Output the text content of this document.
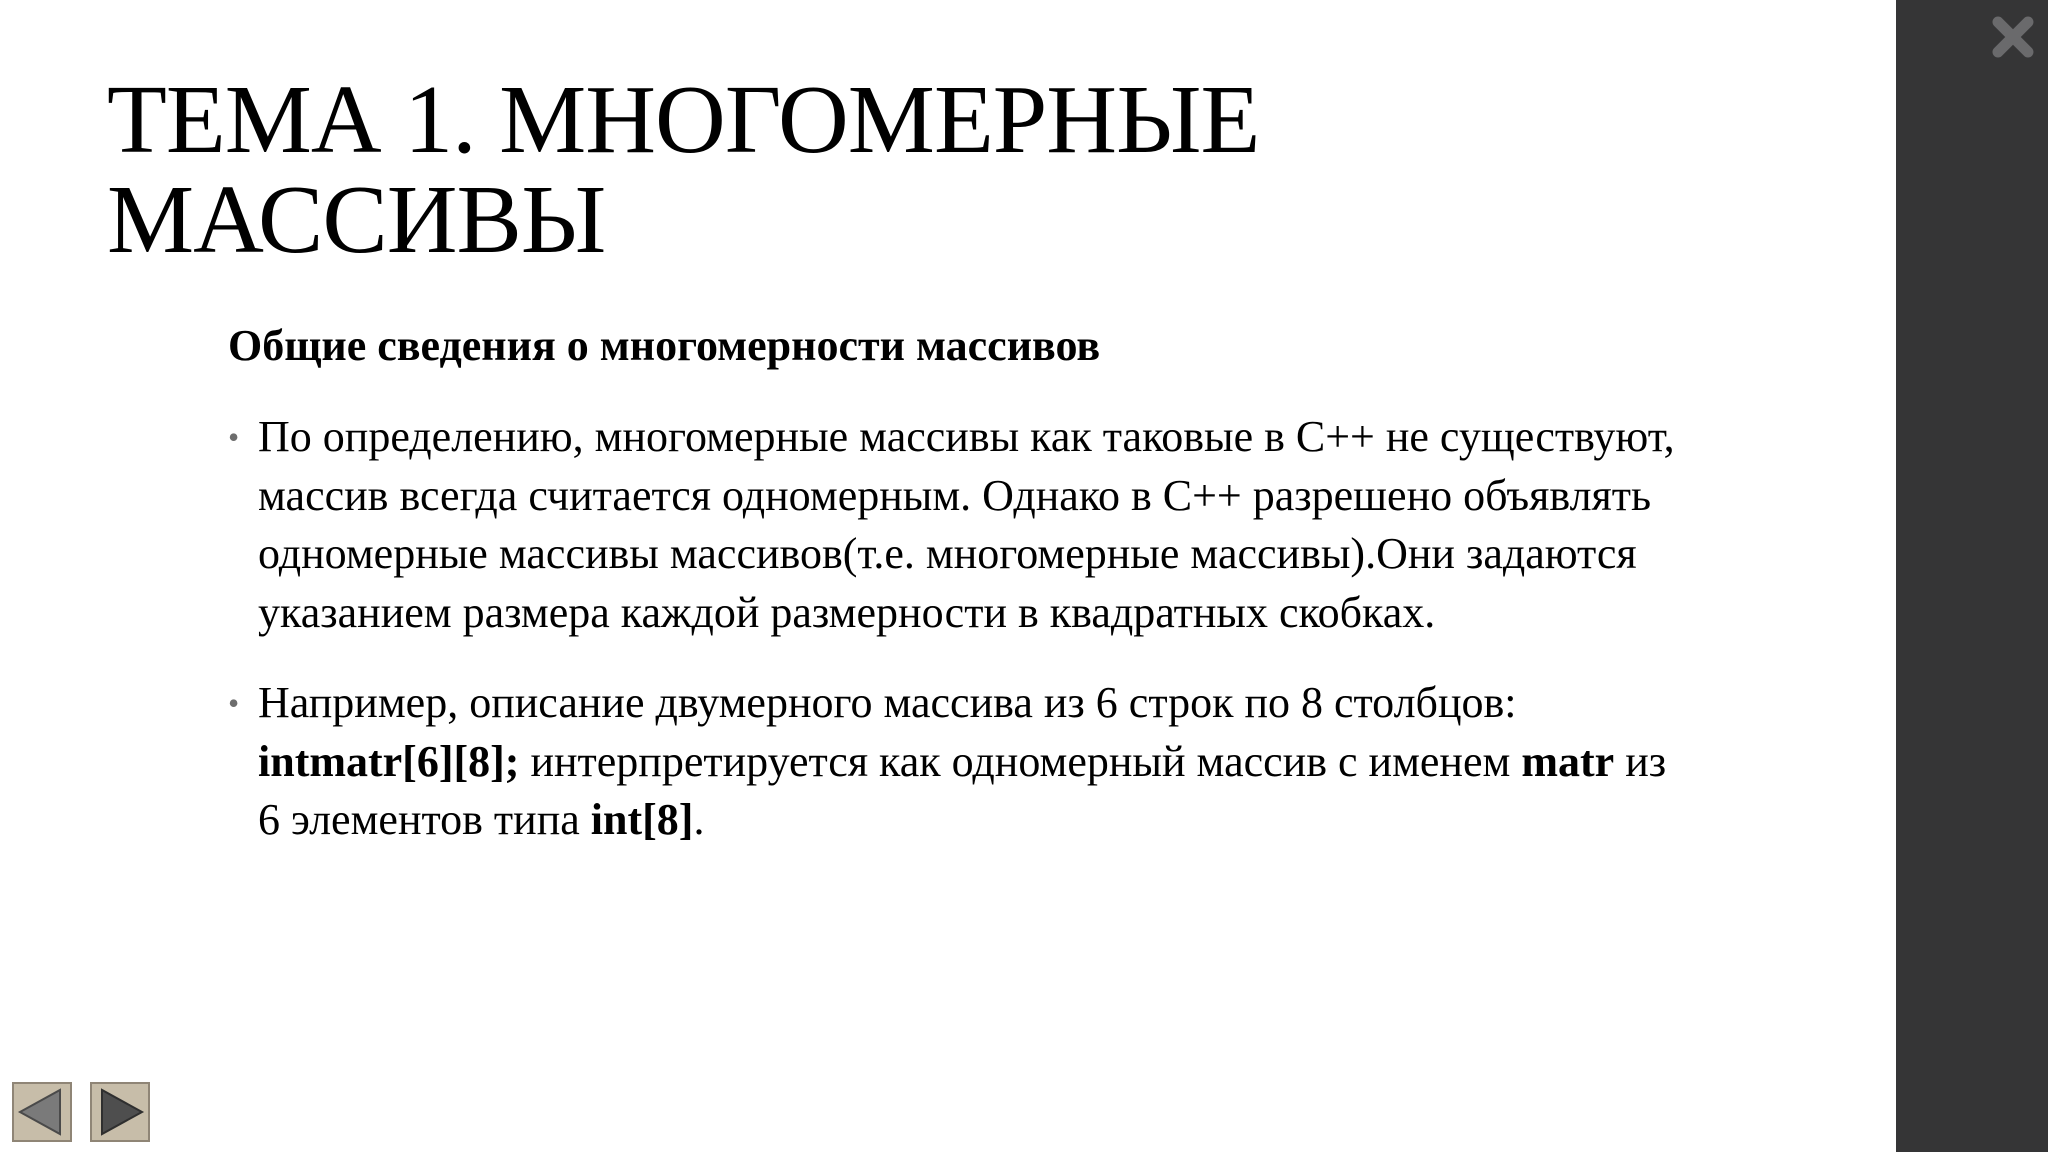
ТЕМА 1. МНОГОМЕРНЫЕ МАССИВЫ

Общие сведения о многомерности массивов

• По определению, многомерные массивы как таковые в С++ не существуют, массив всегда считается одномерным. Однако в С++ разрешено объявлять одномерные массивы массивов(т.е. многомерные массивы).Они задаются указанием размера каждой размерности в квадратных скобках.
• Например, описание двумерного массива из 6 строк по 8 столбцов: intmatr[6][8]; интерпретируется как одномерный массив с именем matr из 6 элементов типа int[8].
